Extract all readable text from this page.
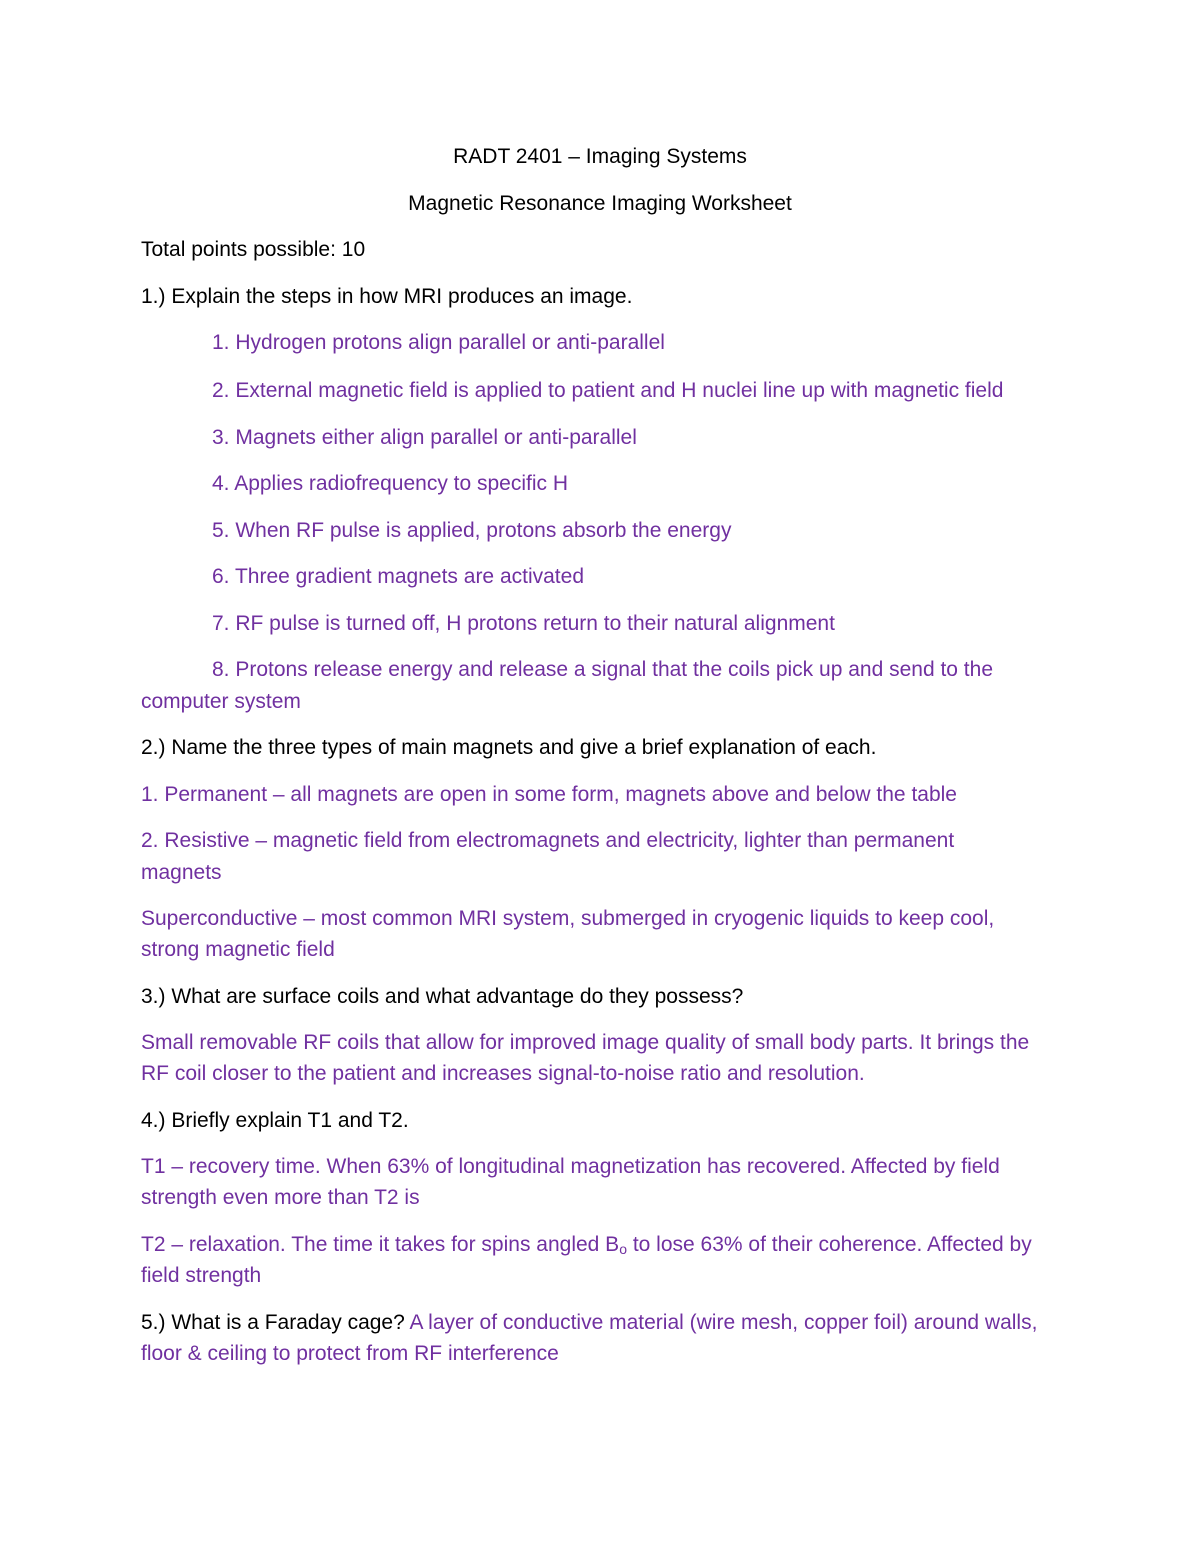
RADT 2401 – Imaging Systems
Magnetic Resonance Imaging Worksheet
Total points possible: 10
1.) Explain the steps in how MRI produces an image.
1. Hydrogen protons align parallel or anti-parallel
2. External magnetic field is applied to patient and H nuclei line up with magnetic field
3. Magnets either align parallel or anti-parallel
4. Applies radiofrequency to specific H
5. When RF pulse is applied, protons absorb the energy
6. Three gradient magnets are activated
7. RF pulse is turned off, H protons return to their natural alignment
8. Protons release energy and release a signal that the coils pick up and send to the
computer system
2.) Name the three types of main magnets and give a brief explanation of each.
1. Permanent – all magnets are open in some form, magnets above and below the table
2. Resistive – magnetic field from electromagnets and electricity, lighter than permanent
magnets
Superconductive – most common MRI system, submerged in cryogenic liquids to keep cool,
strong magnetic field
3.) What are surface coils and what advantage do they possess?
Small removable RF coils that allow for improved image quality of small body parts. It brings the
RF coil closer to the patient and increases signal-to-noise ratio and resolution.
4.) Briefly explain T1 and T2.
T1 – recovery time. When 63% of longitudinal magnetization has recovered. Affected by field
strength even more than T2 is
T2 – relaxation. The time it takes for spins angled $B_o$ to lose 63% of their coherence. Affected by
field strength
5.) What is a Faraday cage? A layer of conductive material (wire mesh, copper foil) around walls,
floor & ceiling to protect from RF interference
